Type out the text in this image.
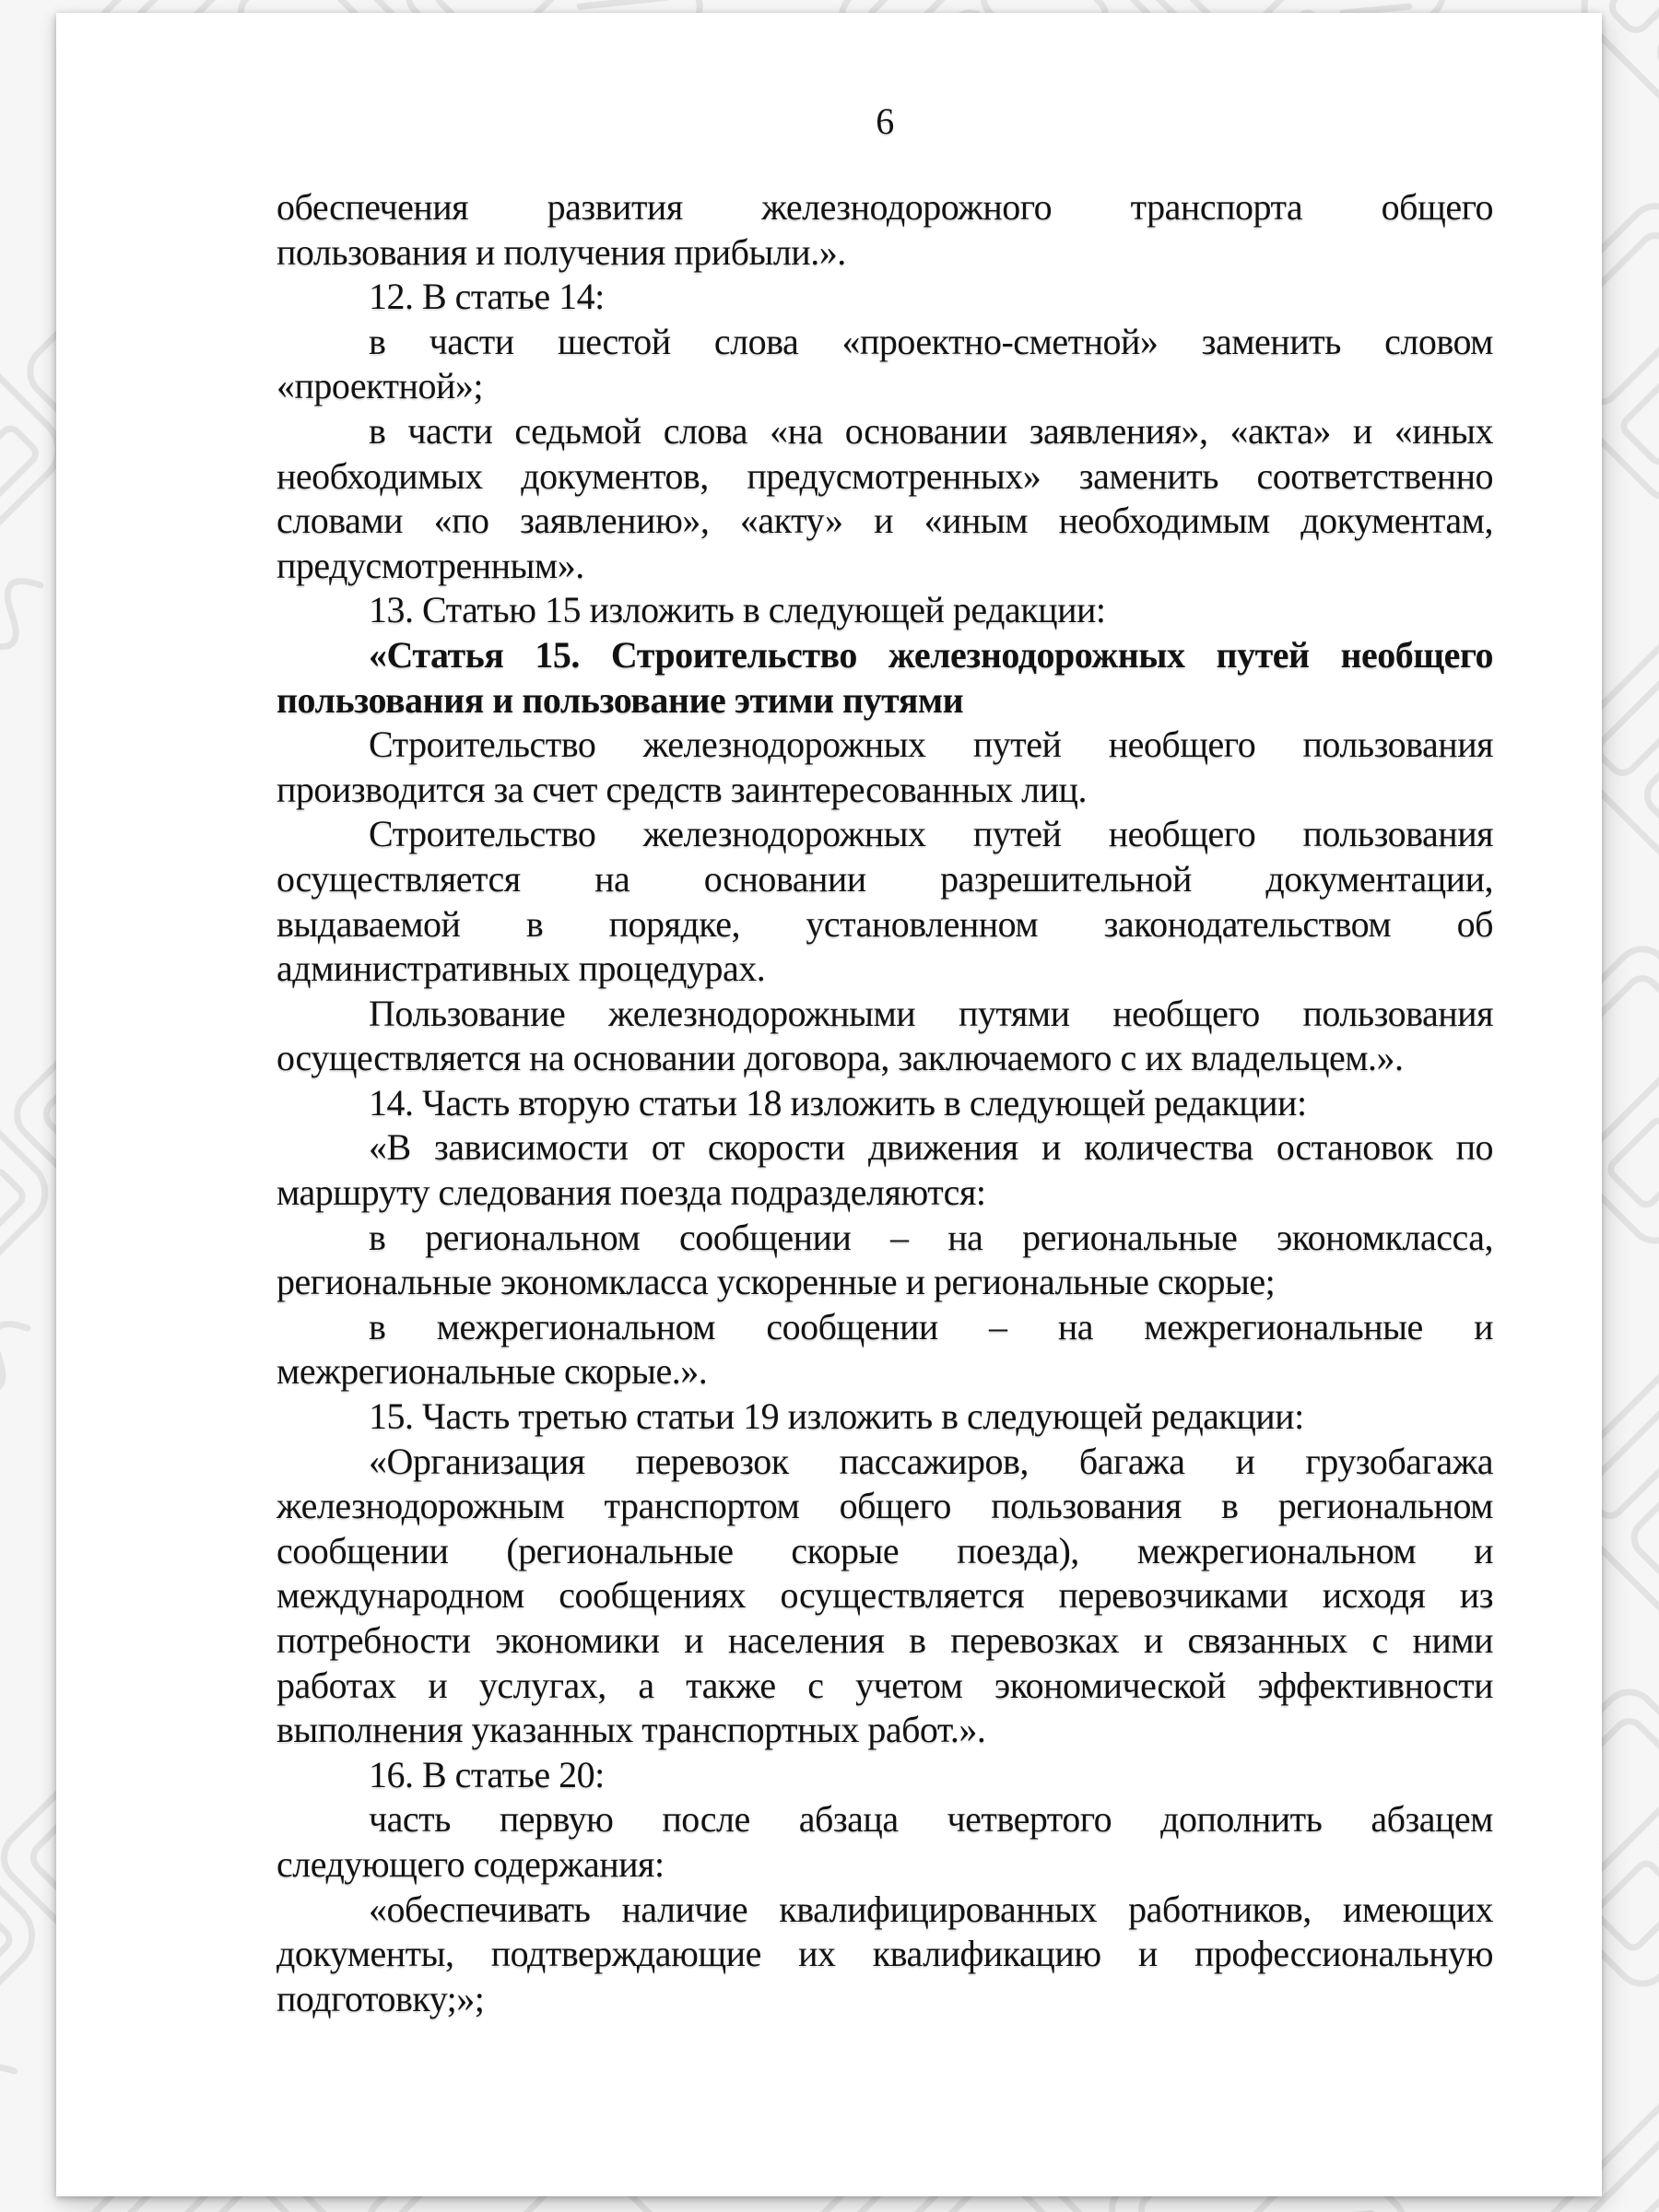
6
обеспечения развития железнодорожного транспорта общего
пользования и получения прибыли.».
12. В статье 14:
в части шестой слова «проектно-сметной» заменить словом
«проектной»;
в части седьмой слова «на основании заявления», «акта» и «иных
необходимых документов, предусмотренных» заменить соответственно
словами «по заявлению», «акту» и «иным необходимым документам,
предусмотренным».
13. Статью 15 изложить в следующей редакции:
«Статья 15. Строительство железнодорожных путей необщего
пользования и пользование этими путями
Строительство железнодорожных путей необщего пользования
производится за счет средств заинтересованных лиц.
Строительство железнодорожных путей необщего пользования
осуществляется на основании разрешительной документации,
выдаваемой в порядке, установленном законодательством об
административных процедурах.
Пользование железнодорожными путями необщего пользования
осуществляется на основании договора, заключаемого с их владельцем.».
14. Часть вторую статьи 18 изложить в следующей редакции:
«В зависимости от скорости движения и количества остановок по
маршруту следования поезда подразделяются:
в региональном сообщении – на региональные экономкласса,
региональные экономкласса ускоренные и региональные скорые;
в межрегиональном сообщении – на межрегиональные и
межрегиональные скорые.».
15. Часть третью статьи 19 изложить в следующей редакции:
«Организация перевозок пассажиров, багажа и грузобагажа
железнодорожным транспортом общего пользования в региональном
сообщении (региональные скорые поезда), межрегиональном и
международном сообщениях осуществляется перевозчиками исходя из
потребности экономики и населения в перевозках и связанных с ними
работах и услугах, а также с учетом экономической эффективности
выполнения указанных транспортных работ.».
16. В статье 20:
часть первую после абзаца четвертого дополнить абзацем
следующего содержания:
«обеспечивать наличие квалифицированных работников, имеющих
документы, подтверждающие их квалификацию и профессиональную
подготовку;»;
